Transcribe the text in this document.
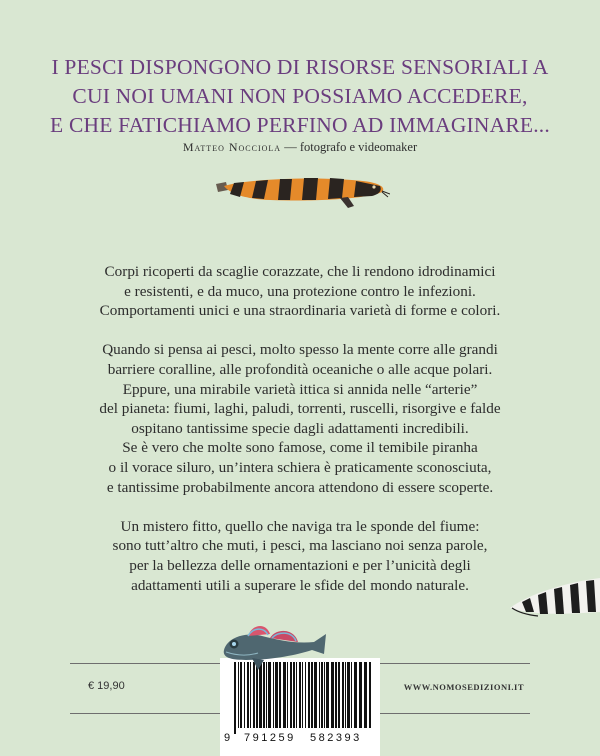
I PESCI DISPONGONO DI RISORSE SENSORIALI A
CUI NOI UMANI NON POSSIAMO ACCEDERE,
E CHE FATICHIAMO PERFINO AD IMMAGINARE...
Matteo Nocciola — fotografo e videomaker

Corpi ricoperti da scaglie corazzate, che li rendono idrodinamici
e resistenti, e da muco, una protezione contro le infezioni.
Comportamenti unici e una straordinaria varietà di forme e colori.

Quando si pensa ai pesci, molto spesso la mente corre alle grandi
barriere coralline, alle profondità oceaniche o alle acque polari.
Eppure, una mirabile varietà ittica si annida nelle “arterie”
del pianeta: fiumi, laghi, paludi, torrenti, ruscelli, risorgive e falde
ospitano tantissime specie dagli adattamenti incredibili.
Se è vero che molte sono famose, come il temibile piranha
o il vorace siluro, un’intera schiera è praticamente sconosciuta,
e tantissime probabilmente ancora attendono di essere scoperte.

Un mistero fitto, quello che naviga tra le sponde del fiume:
sono tutt’altro che muti, i pesci, ma lasciano noi senza parole,
per la bellezza delle ornamentazioni e per l’unicità degli
adattamenti utili a superare le sfide del mondo naturale.

€ 19,90
9 791259 582393
WWW.NOMOSEDIZIONI.IT
